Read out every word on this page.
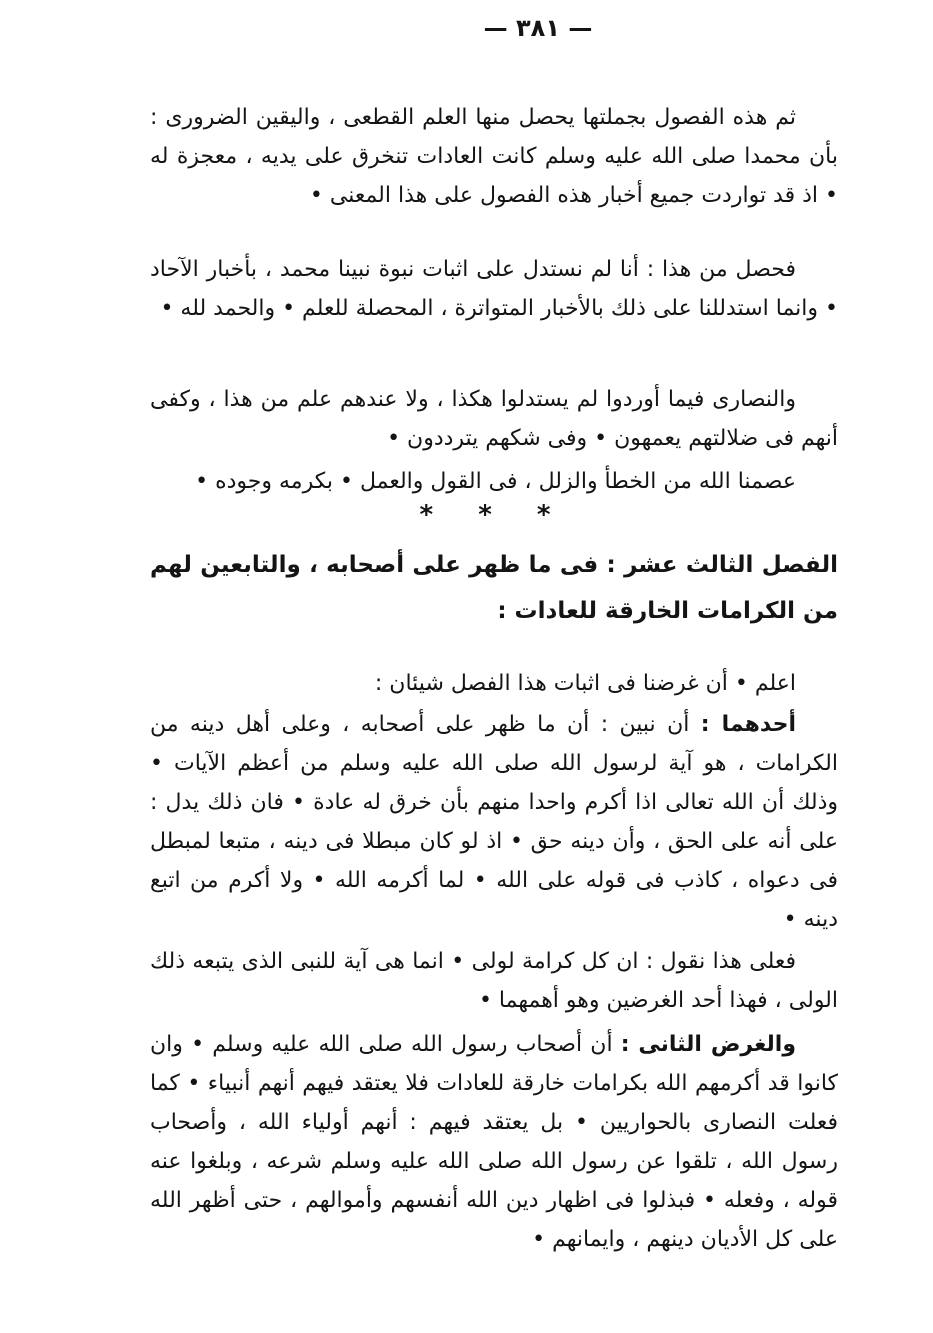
— ٣٨١ —

ثم هذه الفصول بجملتها يحصل منها العلم القطعى ، واليقين الضرورى : بأن محمدا صلى الله عليه وسلم كانت العادات تنخرق على يديه ، معجزة له • اذ قد تواردت جميع أخبار هذه الفصول على هذا المعنى •

فحصل من هذا : أنا لم نستدل على اثبات نبوة نبينا محمد ، بأخبار الآحاد • وانما استدللنا على ذلك بالأخبار المتواترة ، المحصلة للعلم • والحمد لله •

والنصارى فيما أوردوا لم يستدلوا هكذا ، ولا عندهم علم من هذا ، وكفى أنهم فى ضلالتهم يعمهون • وفى شكهم يترددون •

عصمنا الله من الخطأ والزلل ، فى القول والعمل • بكرمه وجوده •

* * *
الفصل الثالث عشر : فى ما ظهر على أصحابه ، والتابعين لهم من الكرامات الخارقة للعادات :

اعلم • أن غرضنا فى اثبات هذا الفصل شيئان :

أحدهما : أن نبين : أن ما ظهر على أصحابه ، وعلى أهل دينه من الكرامات ، هو آية لرسول الله صلى الله عليه وسلم من أعظم الآيات • وذلك أن الله تعالى اذا أكرم واحدا منهم بأن خرق له عادة • فان ذلك يدل : على أنه على الحق ، وأن دينه حق • اذ لو كان مبطلا فى دينه ، متبعا لمبطل فى دعواه ، كاذب فى قوله على الله • لما أكرمه الله • ولا أكرم من اتبع دينه •

فعلى هذا نقول : ان كل كرامة لولى • انما هى آية للنبى الذى يتبعه ذلك الولى ، فهذا أحد الغرضين وهو أهمهما •

والغرض الثانى : أن أصحاب رسول الله صلى الله عليه وسلم • وان كانوا قد أكرمهم الله بكرامات خارقة للعادات فلا يعتقد فيهم أنهم أنبياء • كما فعلت النصارى بالحواريين • بل يعتقد فيهم : أنهم أولياء الله ، وأصحاب رسول الله ، تلقوا عن رسول الله صلى الله عليه وسلم شرعه ، وبلغوا عنه قوله ، وفعله • فبذلوا فى اظهار دين الله أنفسهم وأموالهم ، حتى أظهر الله على كل الأديان دينهم ، وايمانهم •
